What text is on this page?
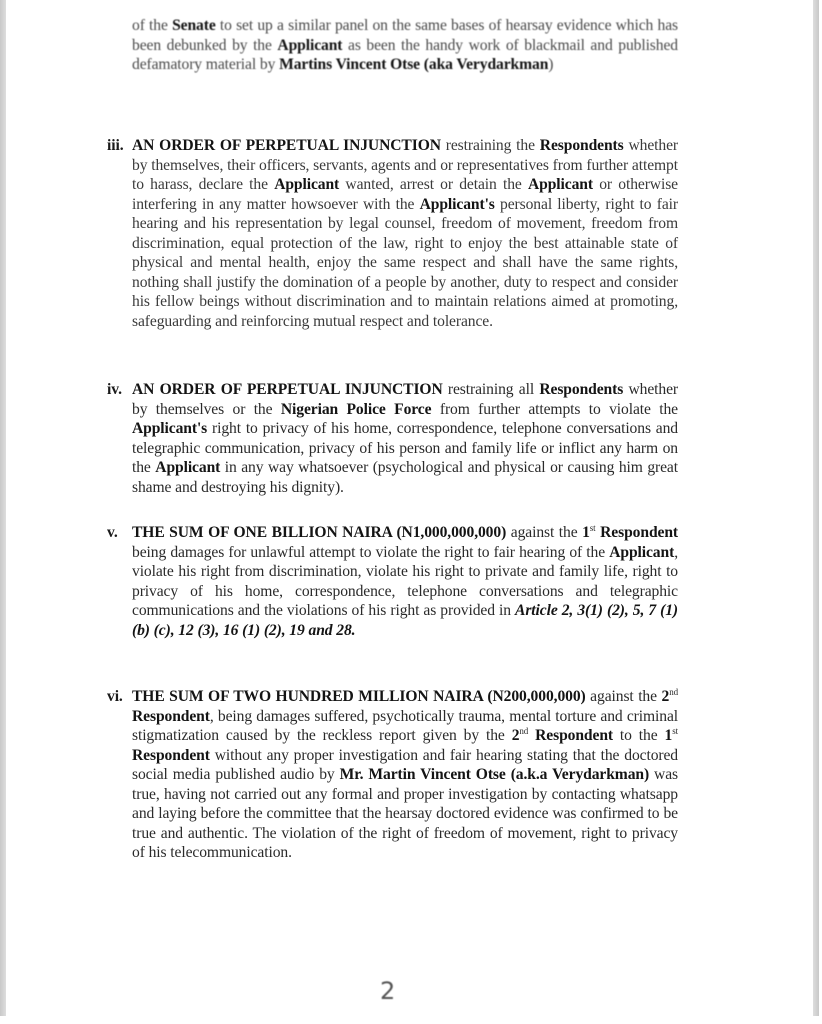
of the Senate to set up a similar panel on the same bases of hearsay evidence which has been debunked by the Applicant as been the handy work of blackmail and published defamatory material by Martins Vincent Otse (aka Verydarkman)
iii. AN ORDER OF PERPETUAL INJUNCTION restraining the Respondents whether by themselves, their officers, servants, agents and or representatives from further attempt to harass, declare the Applicant wanted, arrest or detain the Applicant or otherwise interfering in any matter howsoever with the Applicant's personal liberty, right to fair hearing and his representation by legal counsel, freedom of movement, freedom from discrimination, equal protection of the law, right to enjoy the best attainable state of physical and mental health, enjoy the same respect and shall have the same rights, nothing shall justify the domination of a people by another, duty to respect and consider his fellow beings without discrimination and to maintain relations aimed at promoting, safeguarding and reinforcing mutual respect and tolerance.
iv. AN ORDER OF PERPETUAL INJUNCTION restraining all Respondents whether by themselves or the Nigerian Police Force from further attempts to violate the Applicant's right to privacy of his home, correspondence, telephone conversations and telegraphic communication, privacy of his person and family life or inflict any harm on the Applicant in any way whatsoever (psychological and physical or causing him great shame and destroying his dignity).
v. THE SUM OF ONE BILLION NAIRA (N1,000,000,000) against the 1st Respondent being damages for unlawful attempt to violate the right to fair hearing of the Applicant, violate his right from discrimination, violate his right to private and family life, right to privacy of his home, correspondence, telephone conversations and telegraphic communications and the violations of his right as provided in Article 2, 3(1) (2), 5, 7 (1) (b) (c), 12 (3), 16 (1) (2), 19 and 28.
vi. THE SUM OF TWO HUNDRED MILLION NAIRA (N200,000,000) against the 2nd Respondent, being damages suffered, psychotically trauma, mental torture and criminal stigmatization caused by the reckless report given by the 2nd Respondent to the 1st Respondent without any proper investigation and fair hearing stating that the doctored social media published audio by Mr. Martin Vincent Otse (a.k.a Verydarkman) was true, having not carried out any formal and proper investigation by contacting whatsapp and laying before the committee that the hearsay doctored evidence was confirmed to be true and authentic. The violation of the right of freedom of movement, right to privacy of his telecommunication.
2
